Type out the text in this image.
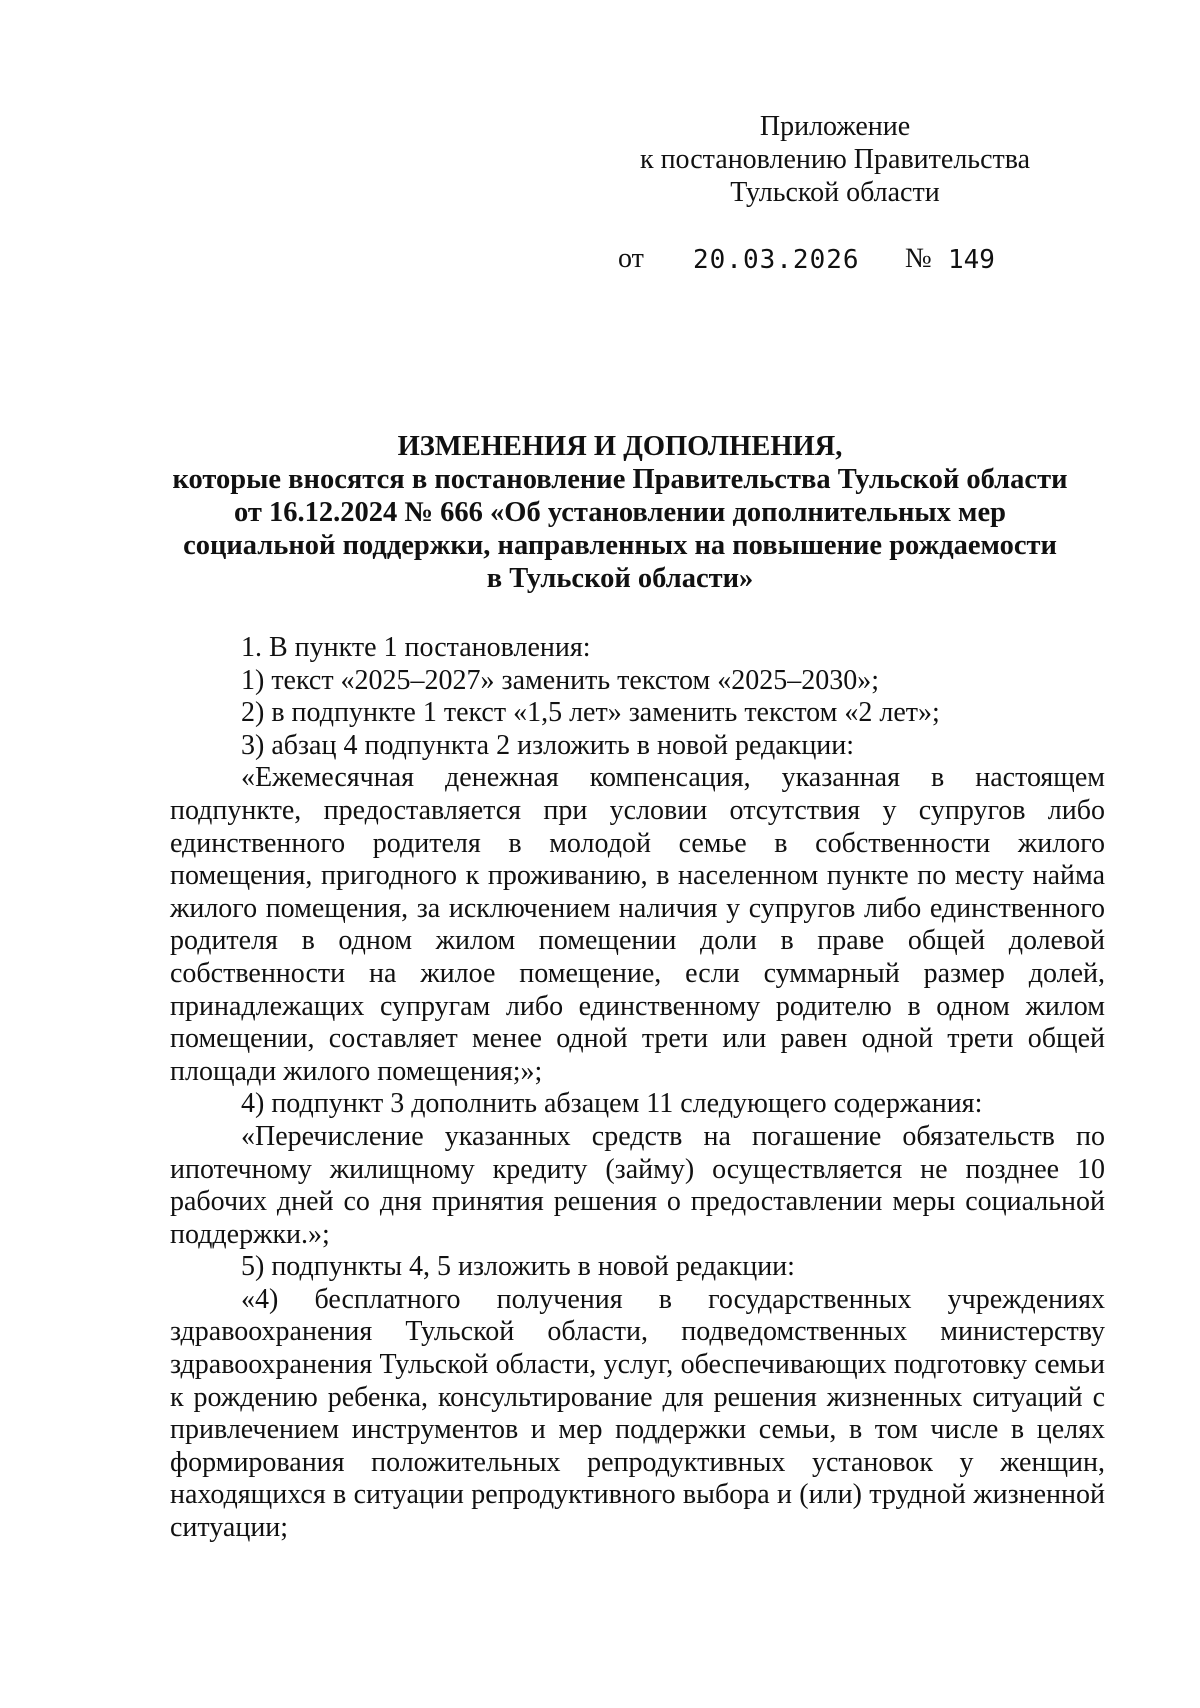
Приложение
к постановлению Правительства
Тульской области
от 20.03.2026 № 149
ИЗМЕНЕНИЯ И ДОПОЛНЕНИЯ,
которые вносятся в постановление Правительства Тульской области
от 16.12.2024 № 666 «Об установлении дополнительных мер
социальной поддержки, направленных на повышение рождаемости
в Тульской области»

1. В пункте 1 постановления:

1) текст «2025–2027» заменить текстом «2025–2030»;

2) в подпункте 1 текст «1,5 лет» заменить текстом «2 лет»;

3) абзац 4 подпункта 2 изложить в новой редакции:

«Ежемесячная денежная компенсация, указанная в настоящем подпункте, предоставляется при условии отсутствия у супругов либо единственного родителя в молодой семье в собственности жилого помещения, пригодного к проживанию, в населенном пункте по месту найма жилого помещения, за исключением наличия у супругов либо единственного родителя в одном жилом помещении доли в праве общей долевой собственности на жилое помещение, если суммарный размер долей, принадлежащих супругам либо единственному родителю в одном жилом помещении, составляет менее одной трети или равен одной трети общей площади жилого помещения;»;

4) подпункт 3 дополнить абзацем 11 следующего содержания:

«Перечисление указанных средств на погашение обязательств по ипотечному жилищному кредиту (займу) осуществляется не позднее 10 рабочих дней со дня принятия решения о предоставлении меры социальной поддержки.»;

5) подпункты 4, 5 изложить в новой редакции:

«4) бесплатного получения в государственных учреждениях здравоохранения Тульской области, подведомственных министерству здравоохранения Тульской области, услуг, обеспечивающих подготовку семьи к рождению ребенка, консультирование для решения жизненных ситуаций с привлечением инструментов и мер поддержки семьи, в том числе в целях формирования положительных репродуктивных установок у женщин, находящихся в ситуации репродуктивного выбора и (или) трудной жизненной ситуации;
